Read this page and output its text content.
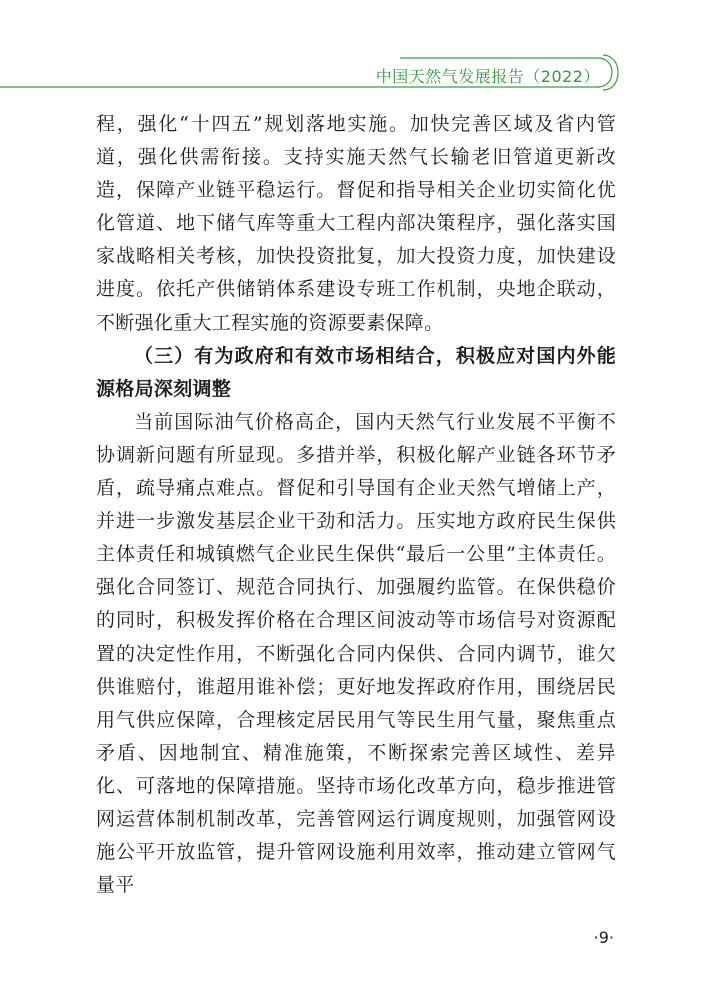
中国天然气发展报告（2022）

程，强化“十四五”规划落地实施。加快完善区域及省内管道，强化供需衔接。支持实施天然气长输老旧管道更新改造，保障产业链平稳运行。督促和指导相关企业切实简化优化管道、地下储气库等重大工程内部决策程序，强化落实国家战略相关考核，加快投资批复，加大投资力度，加快建设进度。依托产供储销体系建设专班工作机制，央地企联动，不断强化重大工程实施的资源要素保障。

（三）有为政府和有效市场相结合，积极应对国内外能源格局深刻调整

当前国际油气价格高企，国内天然气行业发展不平衡不协调新问题有所显现。多措并举，积极化解产业链各环节矛盾，疏导痛点难点。督促和引导国有企业天然气增储上产，并进一步激发基层企业干劲和活力。压实地方政府民生保供主体责任和城镇燃气企业民生保供“最后一公里”主体责任。强化合同签订、规范合同执行、加强履约监管。在保供稳价的同时，积极发挥价格在合理区间波动等市场信号对资源配置的决定性作用，不断强化合同内保供、合同内调节，谁欠供谁赔付，谁超用谁补偿；更好地发挥政府作用，围绕居民用气供应保障，合理核定居民用气等民生用气量，聚焦重点矛盾、因地制宜、精准施策，不断探索完善区域性、差异化、可落地的保障措施。坚持市场化改革方向，稳步推进管网运营体制机制改革，完善管网运行调度规则，加强管网设施公平开放监管，提升管网设施利用效率，推动建立管网气量平

·9·
